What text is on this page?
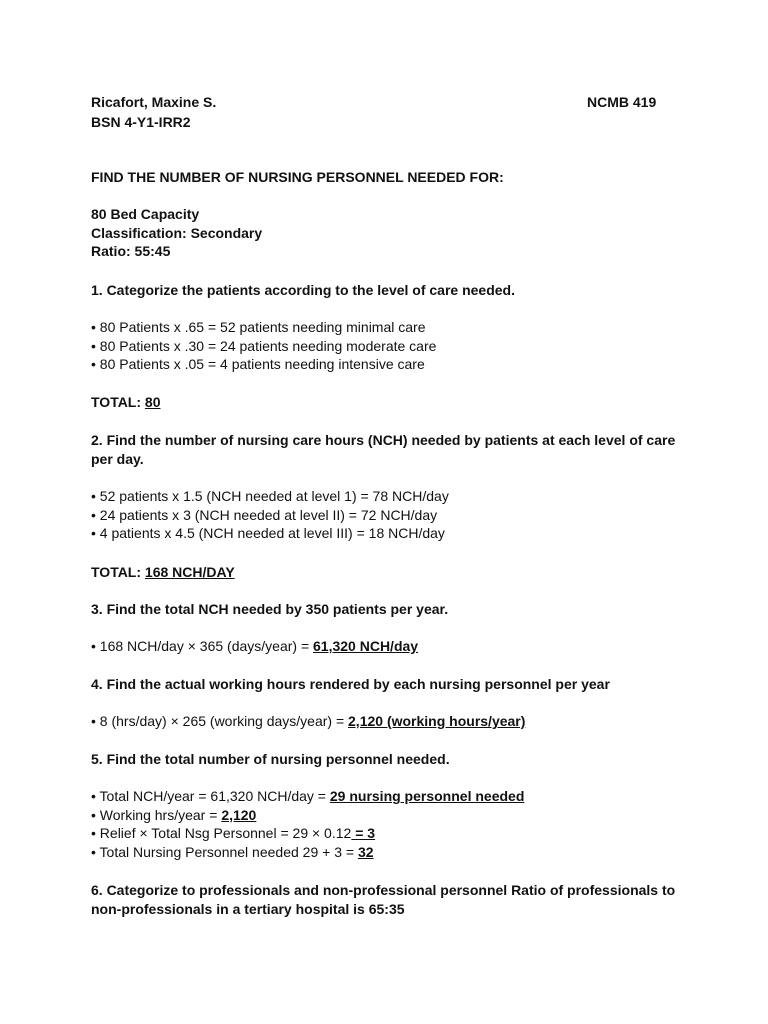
Ricafort, Maxine S.
BSN 4-Y1-IRR2
NCMB 419
FIND THE NUMBER OF NURSING PERSONNEL NEEDED FOR:
80 Bed Capacity
Classification: Secondary
Ratio: 55:45
1. Categorize the patients according to the level of care needed.
• 80 Patients x .65 = 52 patients needing minimal care
• 80 Patients x .30 = 24 patients needing moderate care
• 80 Patients x .05 = 4 patients needing intensive care
TOTAL: 80
2. Find the number of nursing care hours (NCH) needed by patients at each level of care per day.
• 52 patients x 1.5 (NCH needed at level 1) = 78 NCH/day
• 24 patients x 3 (NCH needed at level II) = 72 NCH/day
• 4 patients x 4.5 (NCH needed at level III) = 18 NCH/day
TOTAL: 168 NCH/DAY
3. Find the total NCH needed by 350 patients per year.
• 168 NCH/day × 365 (days/year) = 61,320 NCH/day
4. Find the actual working hours rendered by each nursing personnel per year
• 8 (hrs/day) × 265 (working days/year) = 2,120 (working hours/year)
5. Find the total number of nursing personnel needed.
• Total NCH/year = 61,320 NCH/day = 29 nursing personnel needed
• Working hrs/year = 2,120
• Relief × Total Nsg Personnel = 29 × 0.12 = 3
• Total Nursing Personnel needed 29 + 3 = 32
6. Categorize to professionals and non-professional personnel Ratio of professionals to non-professionals in a tertiary hospital is 65:35
